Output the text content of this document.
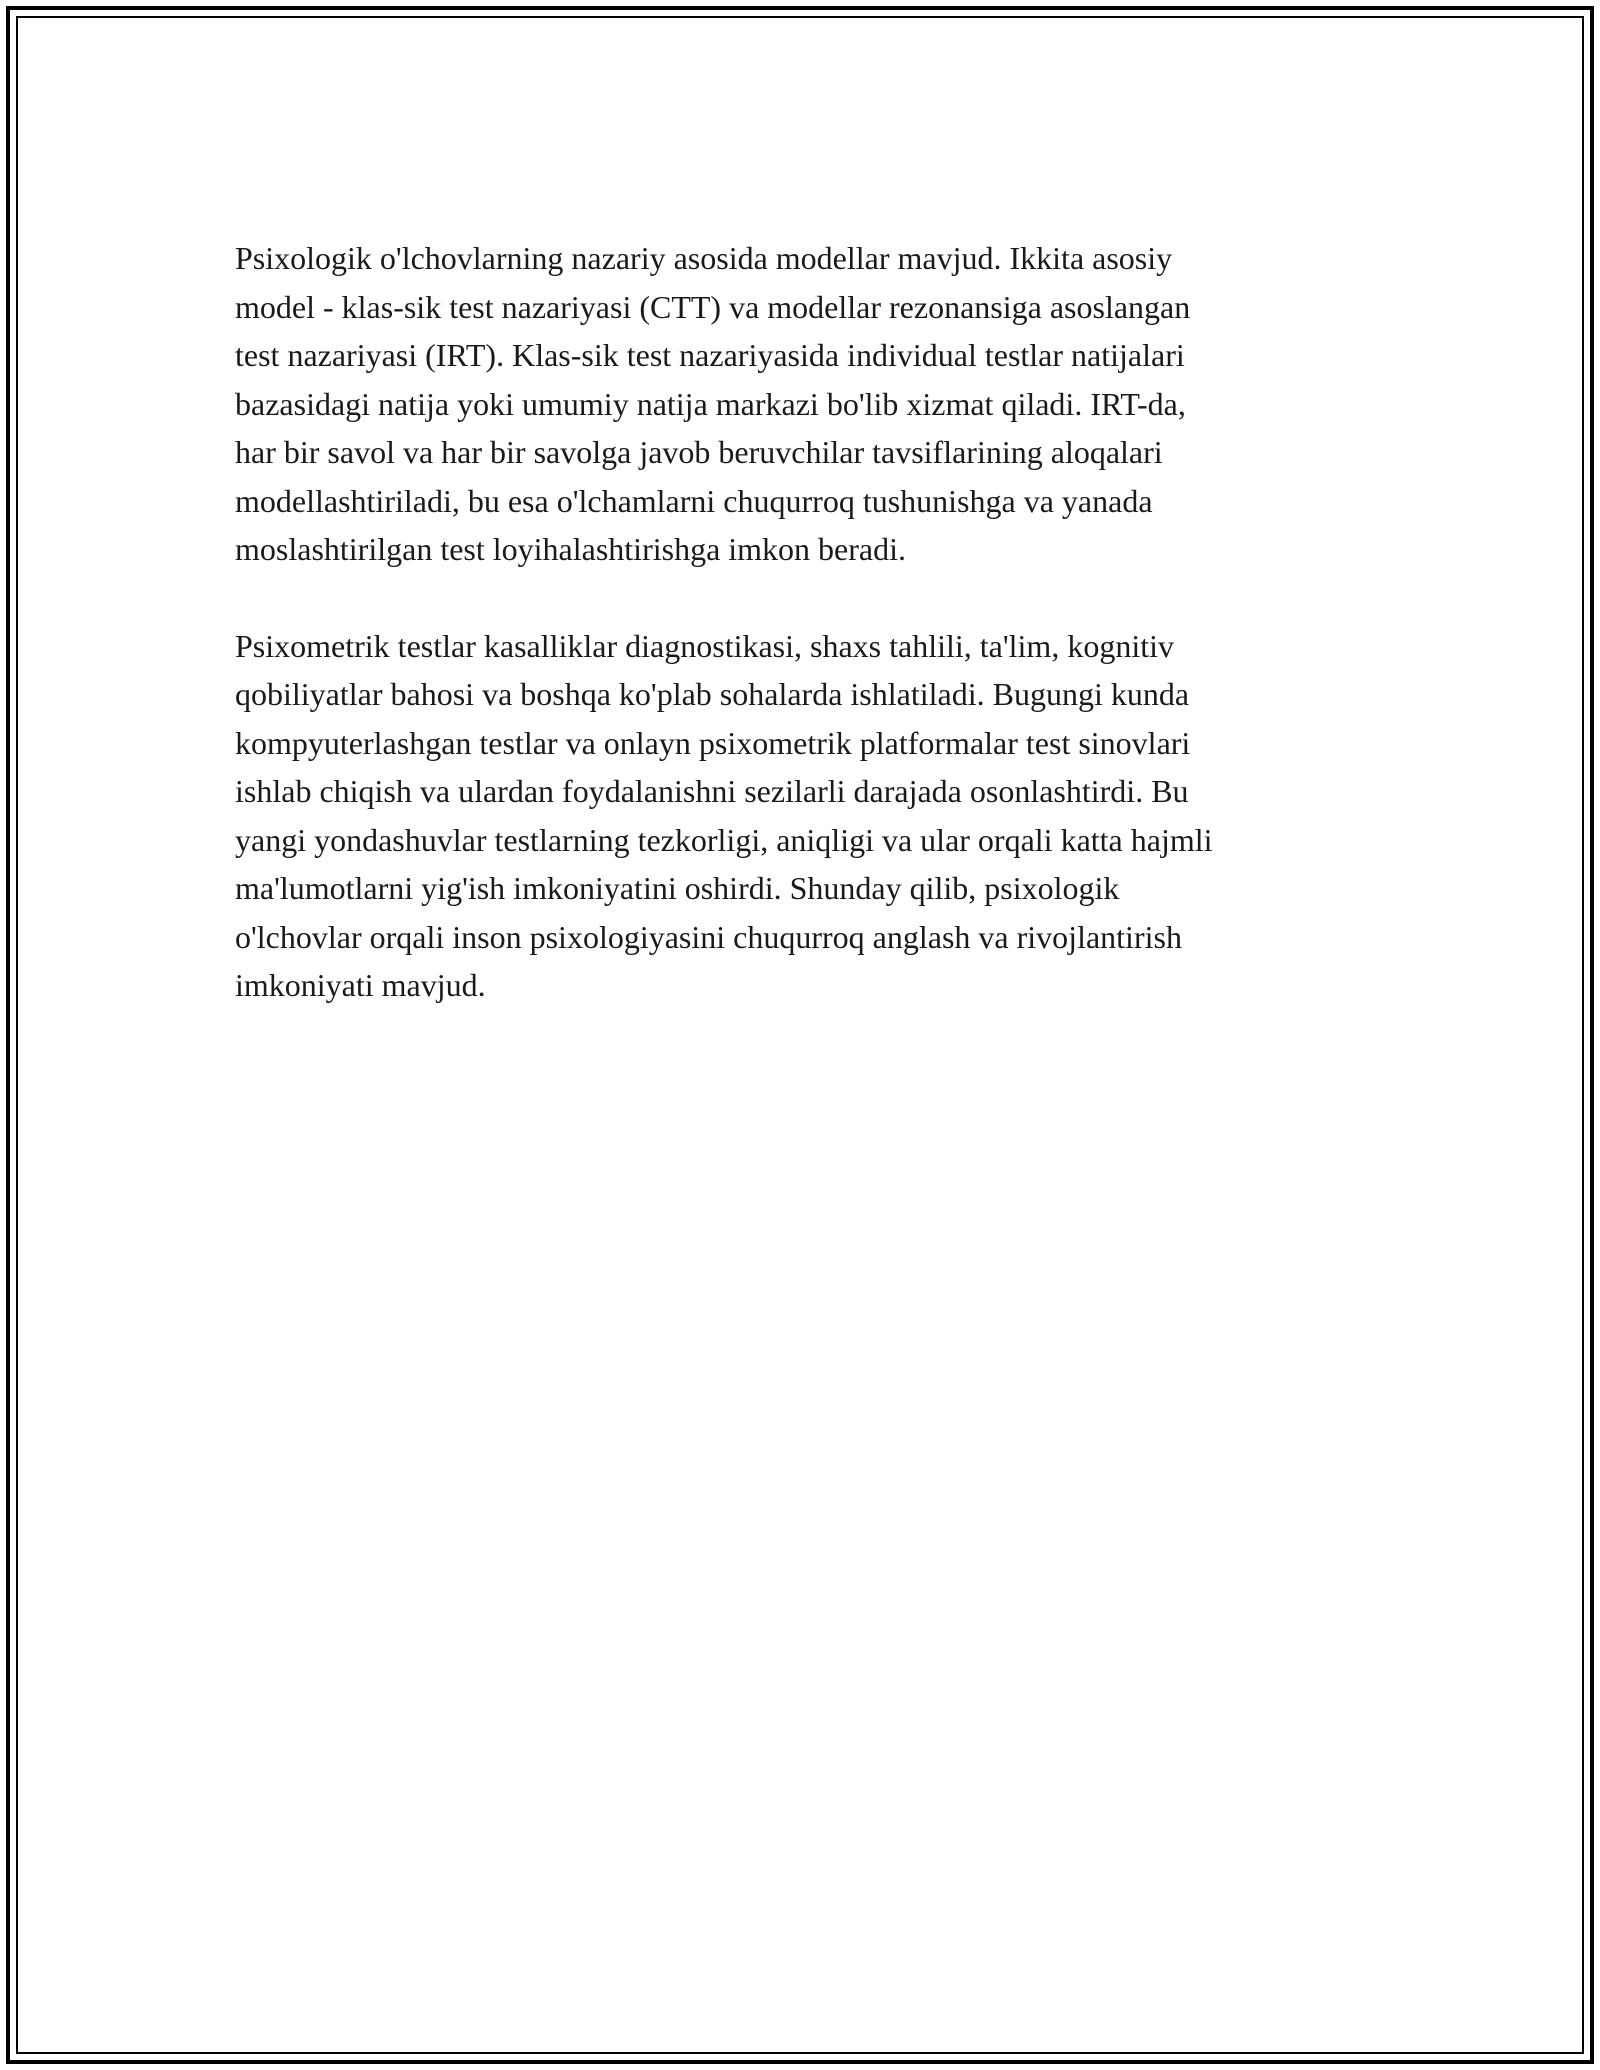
Psixologik o'lchovlarning nazariy asosida modellar mavjud. Ikkita asosiy
model - klas-sik test nazariyasi (CTT) va modellar rezonansiga asoslangan
test nazariyasi (IRT). Klas-sik test nazariyasida individual testlar natijalari
bazasidagi natija yoki umumiy natija markazi bo'lib xizmat qiladi. IRT-da,
har bir savol va har bir savolga javob beruvchilar tavsiflarining aloqalari
modellashtiriladi, bu esa o'lchamlarni chuqurroq tushunishga va yanada
moslashtirilgan test loyihalashtirishga imkon beradi.

Psixometrik testlar kasalliklar diagnostikasi, shaxs tahlili, ta'lim, kognitiv
qobiliyatlar bahosi va boshqa ko'plab sohalarda ishlatiladi. Bugungi kunda
kompyuterlashgan testlar va onlayn psixometrik platformalar test sinovlari
ishlab chiqish va ulardan foydalanishni sezilarli darajada osonlashtirdi. Bu
yangi yondashuvlar testlarning tezkorligi, aniqligi va ular orqali katta hajmli
ma'lumotlarni yig'ish imkoniyatini oshirdi. Shunday qilib, psixologik
o'lchovlar orqali inson psixologiyasini chuqurroq anglash va rivojlantirish
imkoniyati mavjud.
